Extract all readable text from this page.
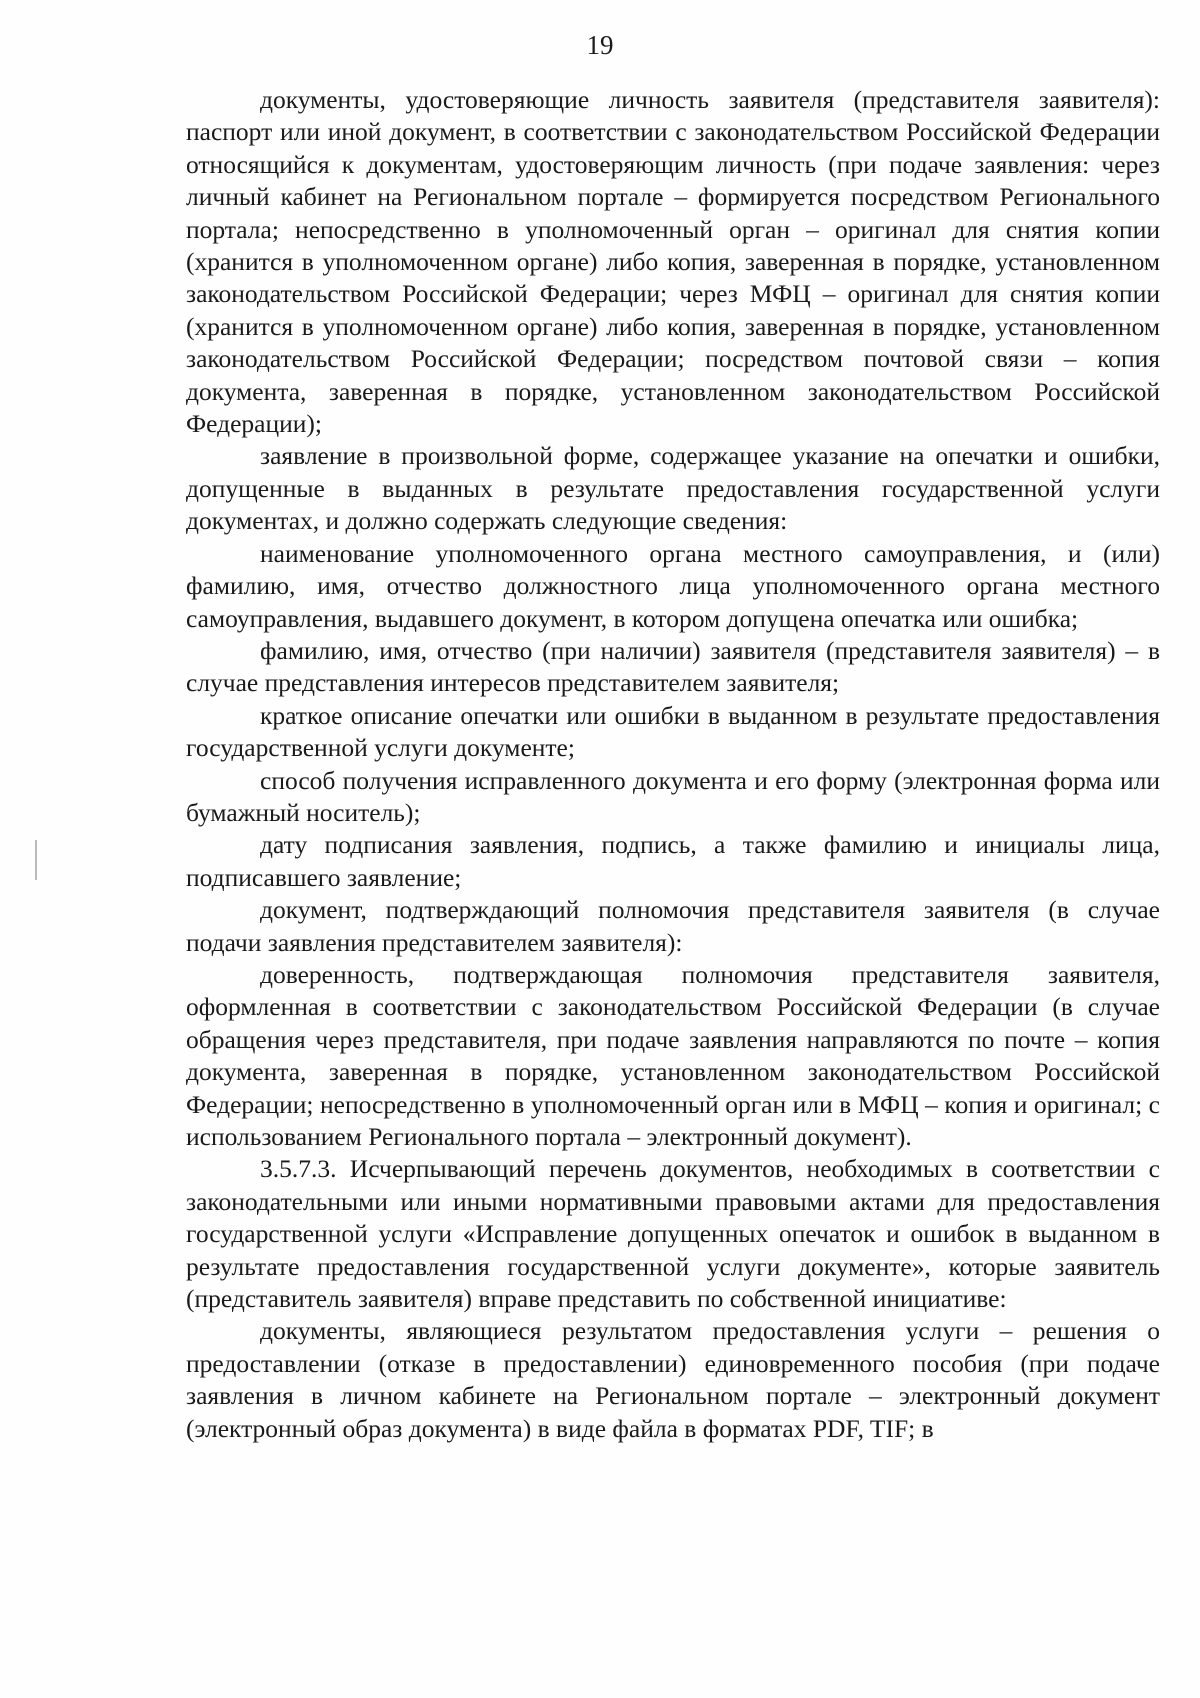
19

документы, удостоверяющие личность заявителя (представителя заявителя): паспорт или иной документ, в соответствии с законодательством Российской Федерации относящийся к документам, удостоверяющим личность (при подаче заявления: через личный кабинет на Региональном портале – формируется посредством Регионального портала; непосредственно в уполномоченный орган – оригинал для снятия копии (хранится в уполномоченном органе) либо копия, заверенная в порядке, установленном законодательством Российской Федерации; через МФЦ – оригинал для снятия копии (хранится в уполномоченном органе) либо копия, заверенная в порядке, установленном законодательством Российской Федерации; посредством почтовой связи – копия документа, заверенная в порядке, установленном законодательством Российской Федерации);

заявление в произвольной форме, содержащее указание на опечатки и ошибки, допущенные в выданных в результате предоставления государственной услуги документах, и должно содержать следующие сведения:

наименование уполномоченного органа местного самоуправления, и (или) фамилию, имя, отчество должностного лица уполномоченного органа местного самоуправления, выдавшего документ, в котором допущена опечатка или ошибка;

фамилию, имя, отчество (при наличии) заявителя (представителя заявителя) – в случае представления интересов представителем заявителя;

краткое описание опечатки или ошибки в выданном в результате предоставления государственной услуги документе;

способ получения исправленного документа и его форму (электронная форма или бумажный носитель);

дату подписания заявления, подпись, а также фамилию и инициалы лица, подписавшего заявление;

документ, подтверждающий полномочия представителя заявителя (в случае подачи заявления представителем заявителя):

доверенность, подтверждающая полномочия представителя заявителя, оформленная в соответствии с законодательством Российской Федерации (в случае обращения через представителя, при подаче заявления направляются по почте – копия документа, заверенная в порядке, установленном законодательством Российской Федерации; непосредственно в уполномоченный орган или в МФЦ – копия и оригинал; с использованием Регионального портала – электронный документ).

3.5.7.3. Исчерпывающий перечень документов, необходимых в соответствии с законодательными или иными нормативными правовыми актами для предоставления государственной услуги «Исправление допущенных опечаток и ошибок в выданном в результате предоставления государственной услуги документе», которые заявитель (представитель заявителя) вправе представить по собственной инициативе:

документы, являющиеся результатом предоставления услуги – решения о предоставлении (отказе в предоставлении) единовременного пособия (при подаче заявления в личном кабинете на Региональном портале – электронный документ (электронный образ документа) в виде файла в форматах PDF, TIF; в
